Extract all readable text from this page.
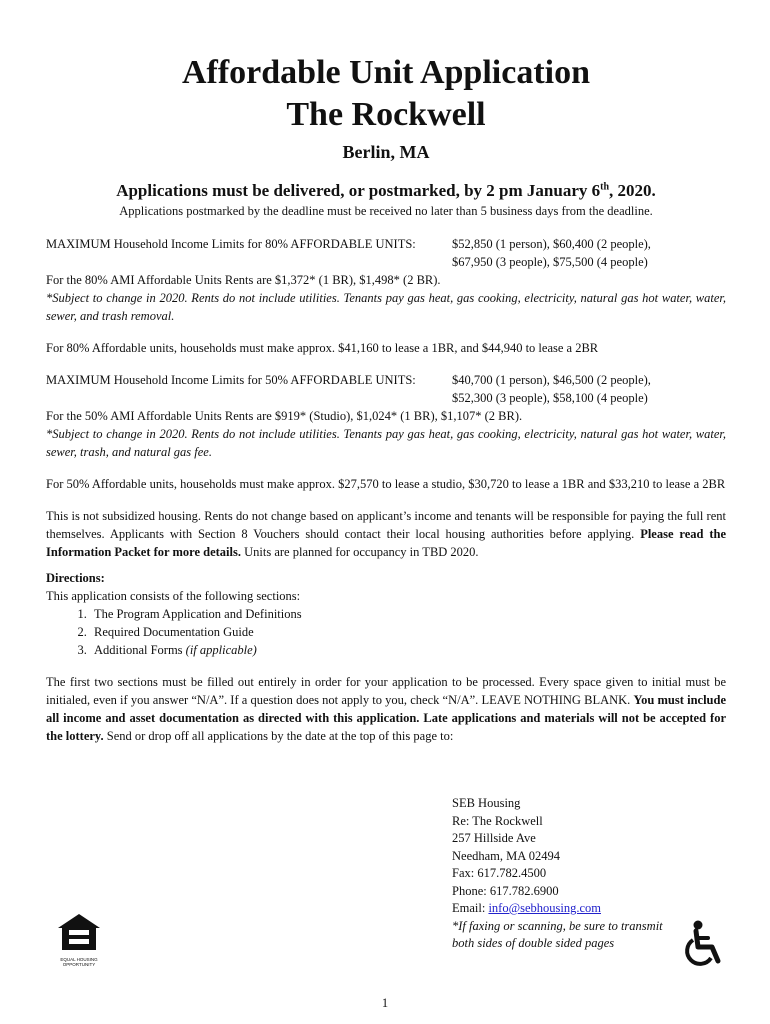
Affordable Unit Application
The Rockwell
Berlin, MA
Applications must be delivered, or postmarked, by 2 pm January 6th, 2020.
Applications postmarked by the deadline must be received no later than 5 business days from the deadline.
MAXIMUM Household Income Limits for 80% AFFORDABLE UNITS:	$52,850 (1 person), $60,400 (2 people),
$67,950 (3 people), $75,500 (4 people)
For the 80% AMI Affordable Units Rents are $1,372* (1 BR), $1,498* (2 BR).
*Subject to change in 2020. Rents do not include utilities. Tenants pay gas heat, gas cooking, electricity, natural gas hot water, water, sewer, and trash removal.
For 80% Affordable units, households must make approx. $41,160 to lease a 1BR, and $44,940 to lease a 2BR
MAXIMUM Household Income Limits for 50% AFFORDABLE UNITS:	$40,700 (1 person), $46,500 (2 people),
$52,300 (3 people), $58,100 (4 people)
For the 50% AMI Affordable Units Rents are $919* (Studio), $1,024* (1 BR), $1,107* (2 BR).
*Subject to change in 2020. Rents do not include utilities. Tenants pay gas heat, gas cooking, electricity, natural gas hot water, water, sewer, trash, and natural gas fee.
For 50% Affordable units, households must make approx. $27,570 to lease a studio, $30,720 to lease a 1BR and $33,210 to lease a 2BR
This is not subsidized housing. Rents do not change based on applicant’s income and tenants will be responsible for paying the full rent themselves. Applicants with Section 8 Vouchers should contact their local housing authorities before applying. Please read the Information Packet for more details. Units are planned for occupancy in TBD 2020.
Directions:
This application consists of the following sections:
1. The Program Application and Definitions
2. Required Documentation Guide
3. Additional Forms (if applicable)
The first two sections must be filled out entirely in order for your application to be processed. Every space given to initial must be initialed, even if you answer “N/A”. If a question does not apply to you, check “N/A”. LEAVE NOTHING BLANK. You must include all income and asset documentation as directed with this application. Late applications and materials will not be accepted for the lottery. Send or drop off all applications by the date at the top of this page to:
SEB Housing
Re: The Rockwell
257 Hillside Ave
Needham, MA 02494
Fax: 617.782.4500
Phone: 617.782.6900
Email: info@sebhousing.com
*If faxing or scanning, be sure to transmit
both sides of double sided pages
EQUAL HOUSING
OPPORTUNITY
1
